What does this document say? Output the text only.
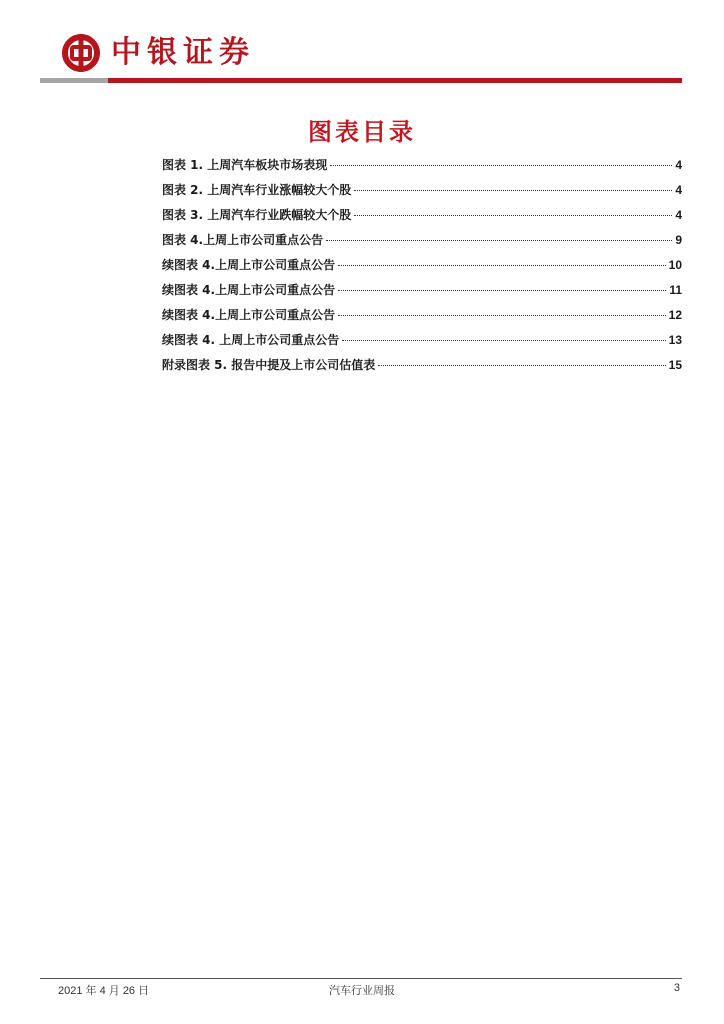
中银证券
图表目录
图表 1. 上周汽车板块市场表现	4
图表 2. 上周汽车行业涨幅较大个股	4
图表 3. 上周汽车行业跌幅较大个股	4
图表 4.上周上市公司重点公告	9
续图表 4.上周上市公司重点公告	10
续图表 4.上周上市公司重点公告	11
续图表 4.上周上市公司重点公告	12
续图表 4. 上周上市公司重点公告	13
附录图表 5. 报告中提及上市公司估值表	15
2021 年 4 月 26 日	汽车行业周报	3
